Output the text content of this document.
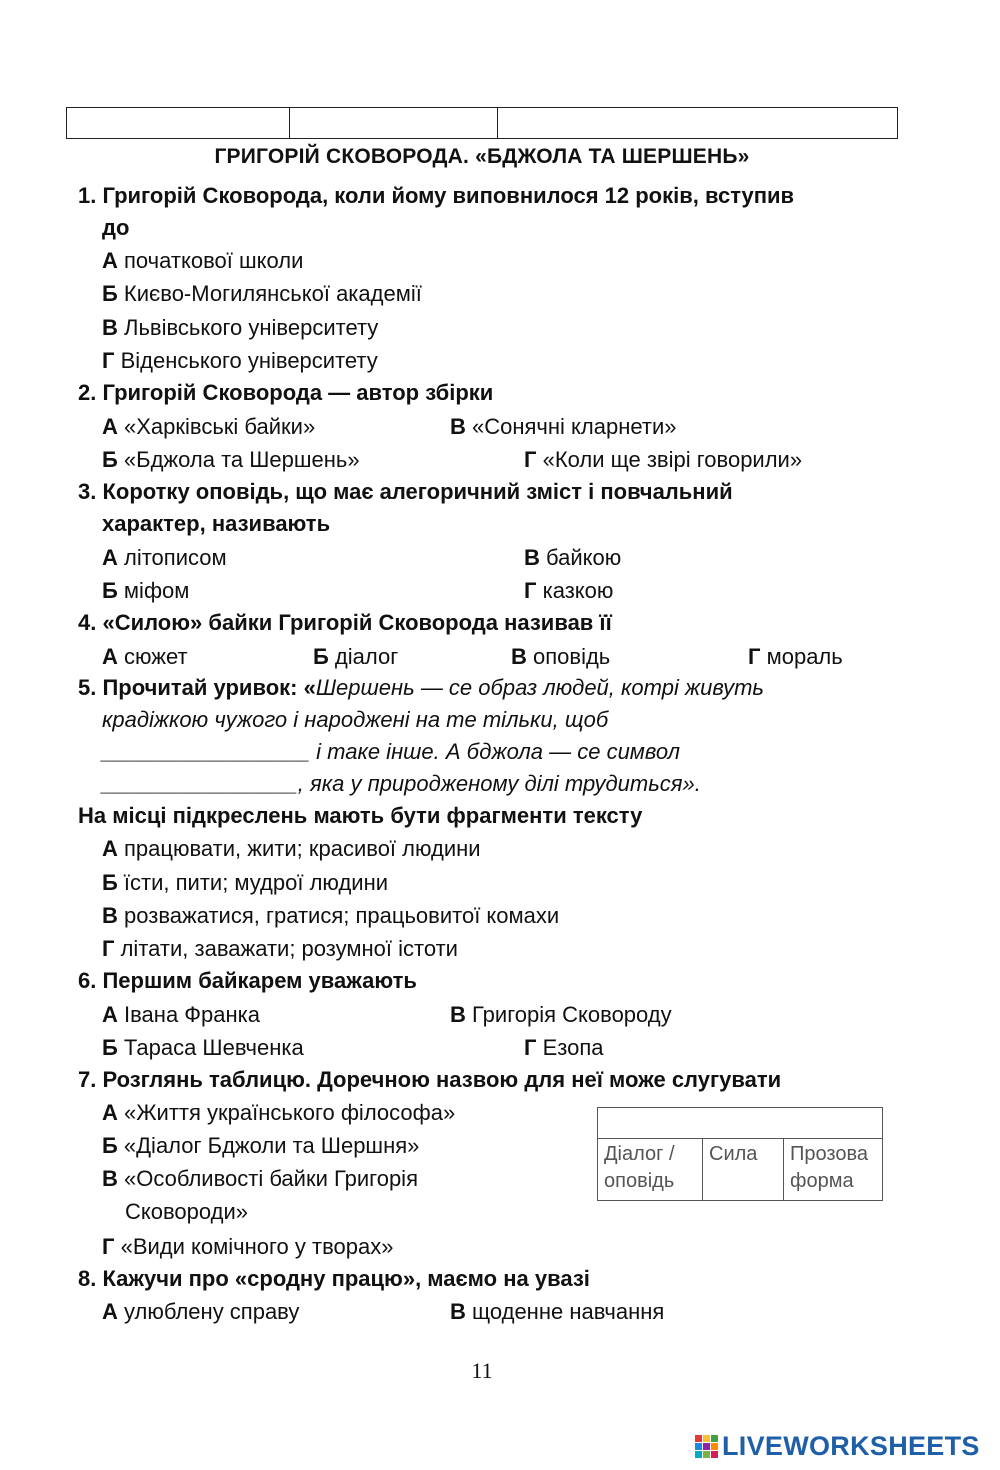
ГРИГОРІЙ СКОВОРОДА. «БДЖОЛА ТА ШЕРШЕНЬ»
1. Григорій Сковорода, коли йому виповнилося 12 років, вступив
до
А початкової школи
Б Києво-Могилянської академії
В Львівського університету
Г Віденського університету
2. Григорій Сковорода — автор збірки
А «Харківські байки»	В «Сонячні кларнети»
Б «Бджола та Шершень»	Г «Коли ще звірі говорили»
3. Коротку оповідь, що має алегоричний зміст і повчальний
характер, називають
А літописом	В байкою
Б міфом	Г казкою
4. «Силою» байки Григорій Сковорода називав її
А сюжет	Б діалог	В оповідь	Г мораль
5. Прочитай уривок: «Шершень — се образ людей, котрі живуть
крадіжкою чужого і народжені на те тільки, щоб
_________________ і таке інше. А бджола — се символ
________________, яка у природженому ділі трудиться».
На місці підкреслень мають бути фрагменти тексту
А працювати, жити; красивої людини
Б їсти, пити; мудрої людини
В розважатися, гратися; працьовитої комахи
Г літати, заважати; розумної істоти
6. Першим байкарем уважають
А Івана Франка	В Григорія Сковороду
Б Тараса Шевченка	Г Езопа
7. Розглянь таблицю. Доречною назвою для неї може слугувати
А «Життя українського філософа»
Б «Діалог Бджоли та Шершня»
В «Особливості байки Григорія
Сковороди»
Г «Види комічного у творах»

Діалог /
оповідь	Сила	Прозова
форма
8. Кажучи про «сродну працю», маємо на увазі
А улюблену справу	В щоденне навчання
11
LIVEWORKSHEETS
